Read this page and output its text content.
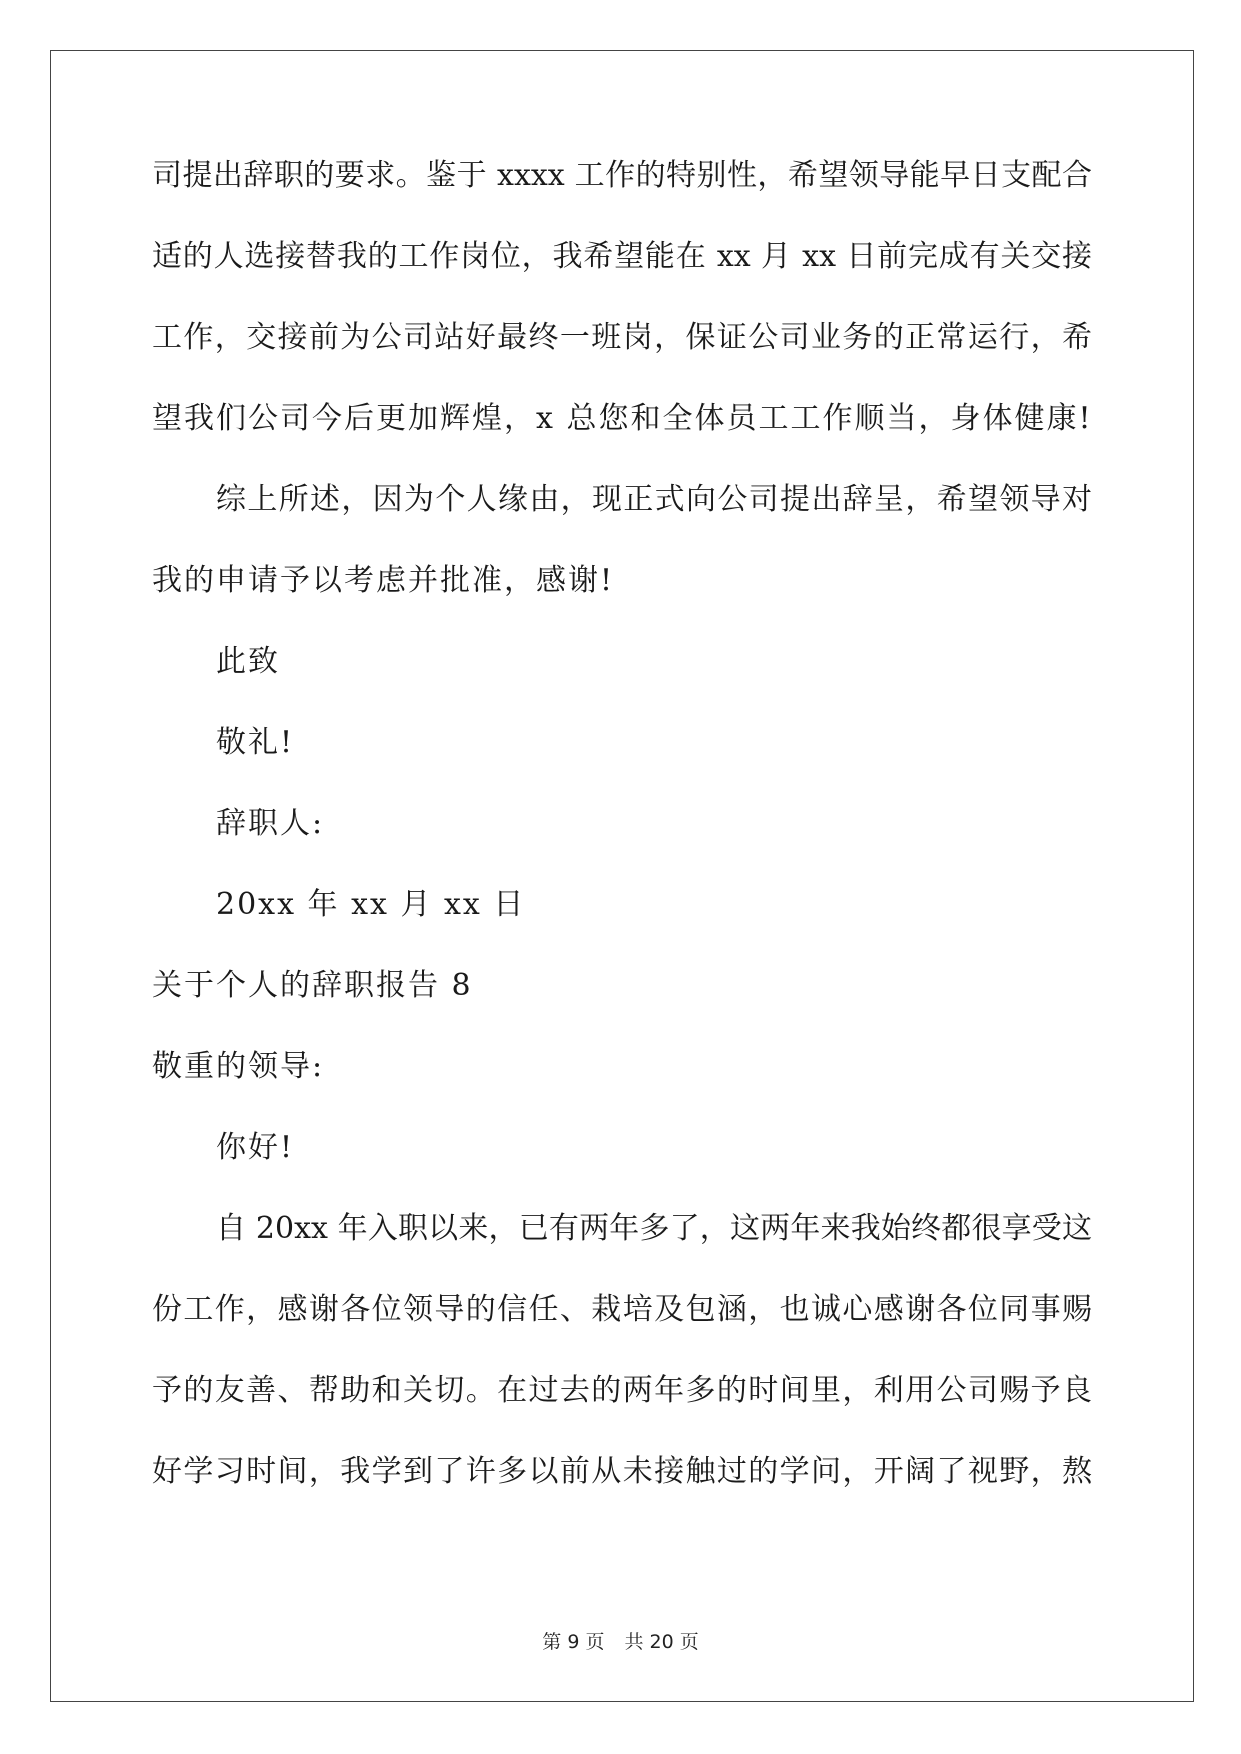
司提出辞职的要求。鉴于 xxxx 工作的特别性，希望领导能早日支配合
适的人选接替我的工作岗位，我希望能在 xx 月 xx 日前完成有关交接
工作，交接前为公司站好最终一班岗，保证公司业务的正常运行，希
望我们公司今后更加辉煌，x 总您和全体员工工作顺当，身体健康!
综上所述，因为个人缘由，现正式向公司提出辞呈，希望领导对
我的申请予以考虑并批准，感谢!
此致
敬礼!
辞职人:
20xx 年 xx 月 xx 日
关于个人的辞职报告 8
敬重的领导:
你好!
自 20xx 年入职以来，已有两年多了，这两年来我始终都很享受这
份工作，感谢各位领导的信任、栽培及包涵，也诚心感谢各位同事赐
予的友善、帮助和关切。在过去的两年多的时间里，利用公司赐予良
好学习时间，我学到了许多以前从未接触过的学问，开阔了视野，熬
第 9 页 共 20 页
